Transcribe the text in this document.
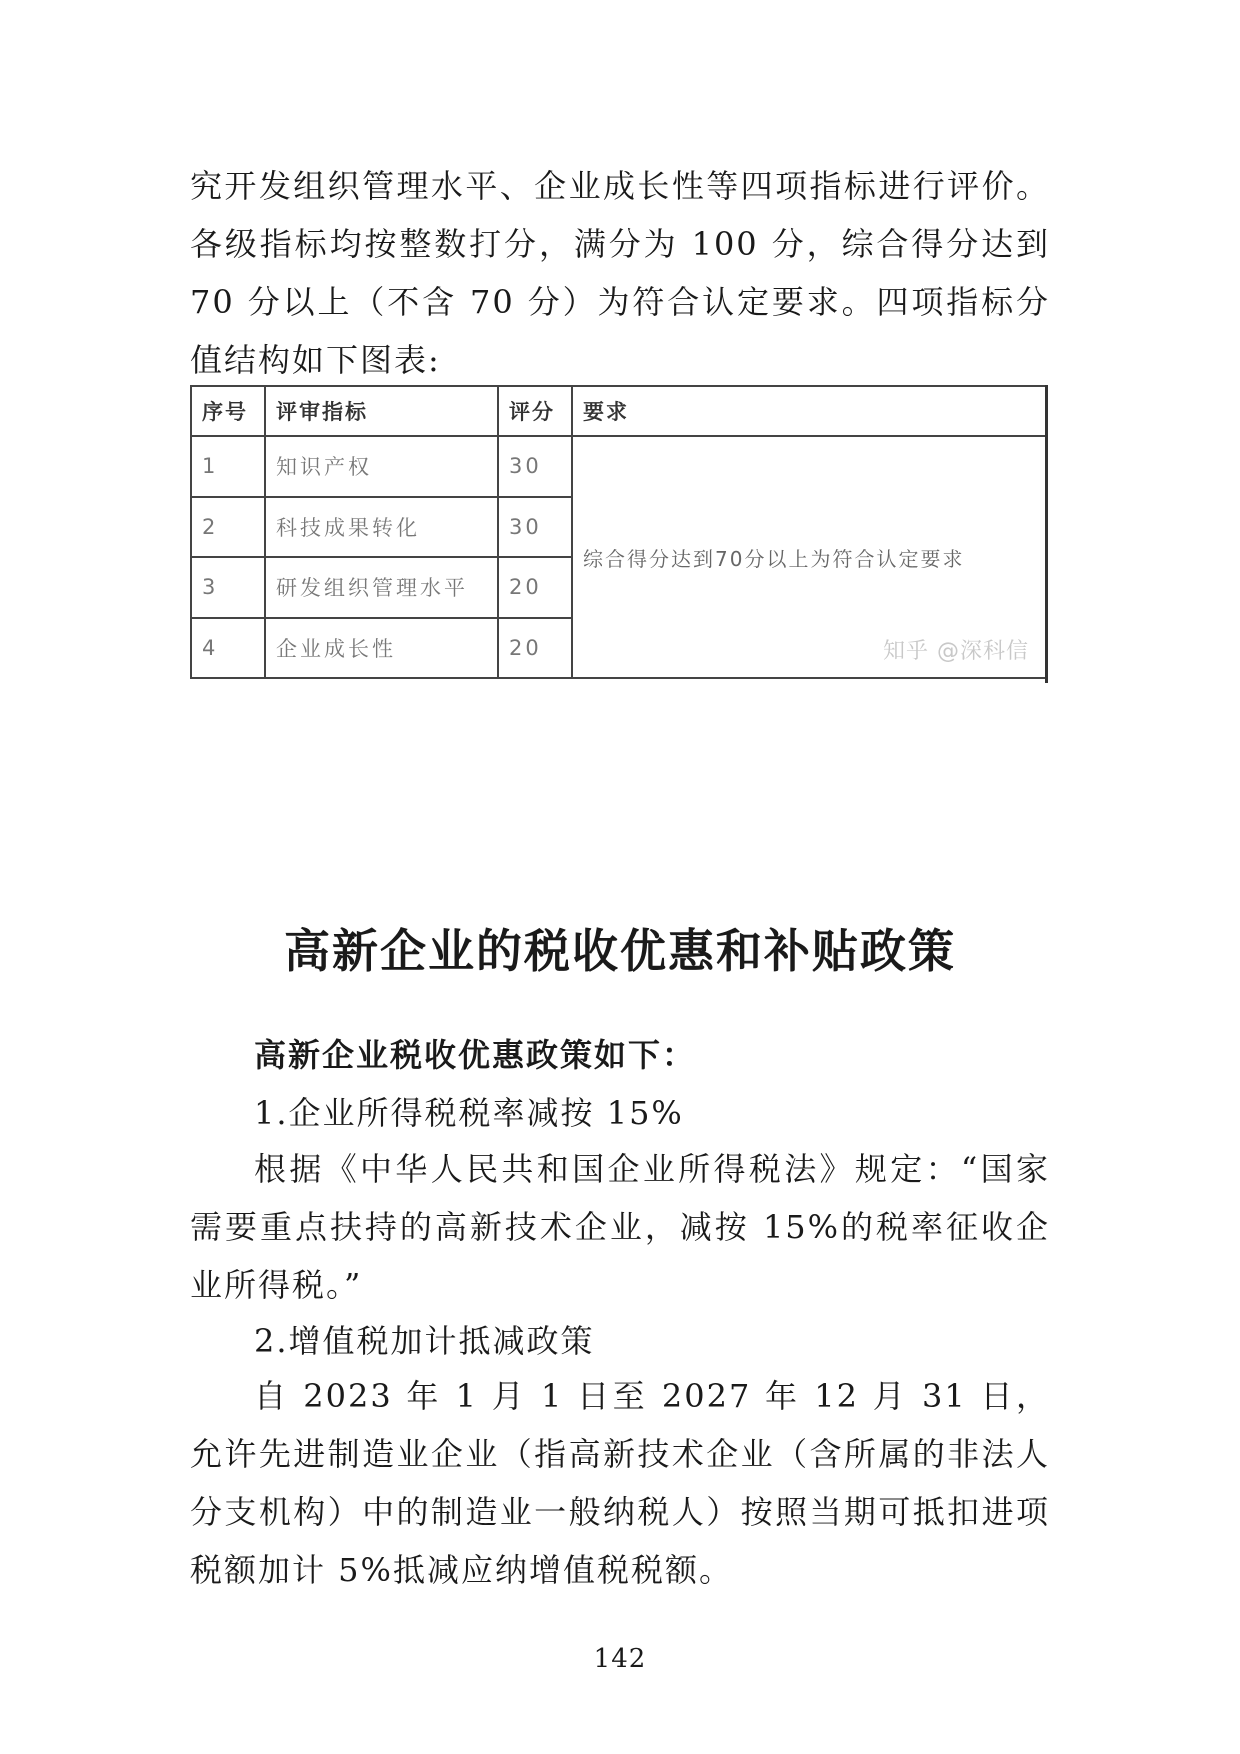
究开发组织管理水平、企业成长性等四项指标进行评价。各级指标均按整数打分，满分为 100 分，综合得分达到 70 分以上（不含 70 分）为符合认定要求。四项指标分值结构如下图表:

序号	评审指标	评分	要求
1	知识产权	30	综合得分达到70分以上为符合认定要求
知乎 @深科信

2	科技成果转化	30	
3	研发组织管理水平	20	
4	企业成长性	20	
高新企业的税收优惠和补贴政策

高新企业税收优惠政策如下：

1.企业所得税税率减按 15%

根据《中华人民共和国企业所得税法》规定：“国家需要重点扶持的高新技术企业，减按 15%的税率征收企业所得税。”

2.增值税加计抵减政策

自 2023 年 1 月 1 日至 2027 年 12 月 31 日，允许先进制造业企业（指高新技术企业（含所属的非法人分支机构）中的制造业一般纳税人）按照当期可抵扣进项税额加计 5%抵减应纳增值税税额。

142
